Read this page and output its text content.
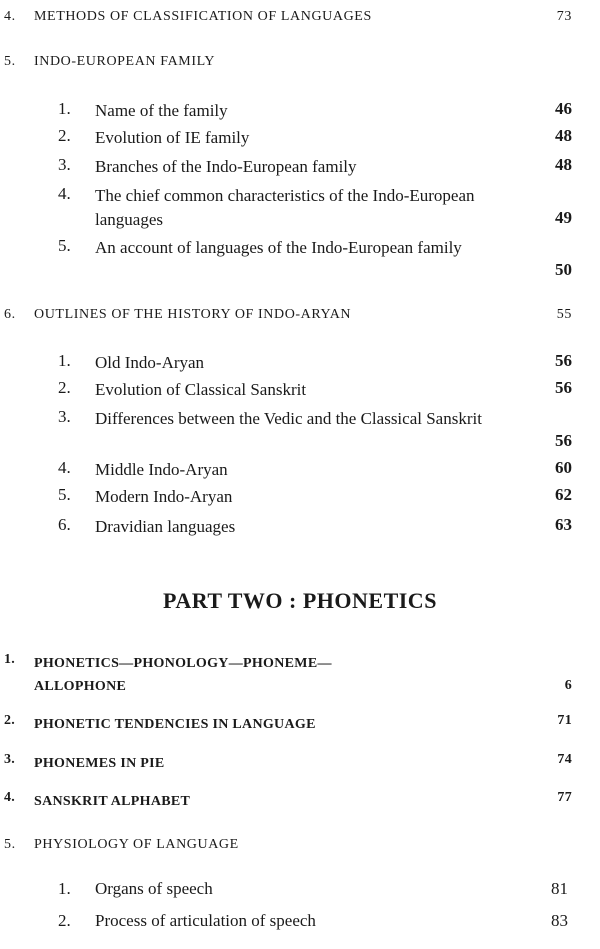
4. METHODS OF CLASSIFICATION OF LANGUAGES	73
5. INDO-EUROPEAN FAMILY
1. Name of the family	46
2. Evolution of IE family	48
3. Branches of the Indo-European family	48
4. The chief common characteristics of the Indo-European languages	49
5. An account of languages of the Indo-European family
50
6. OUTLINES OF THE HISTORY OF INDO-ARYAN	55
1. Old Indo-Aryan	56
2. Evolution of Classical Sanskrit	56
3. Differences between the Vedic and the Classical Sanskrit
56
4. Middle Indo-Aryan	60
5. Modern Indo-Aryan	62
6. Dravidian languages	63
PART TWO : PHONETICS
1. PHONETICS—PHONOLOGY—PHONEME—ALLOPHONE	6
2. PHONETIC TENDENCIES IN LANGUAGE	71
3. PHONEMES IN PIE	74
4. SANSKRIT ALPHABET	77
5. PHYSIOLOGY OF LANGUAGE
1. Organs of speech	81
2. Process of articulation of speech	83
